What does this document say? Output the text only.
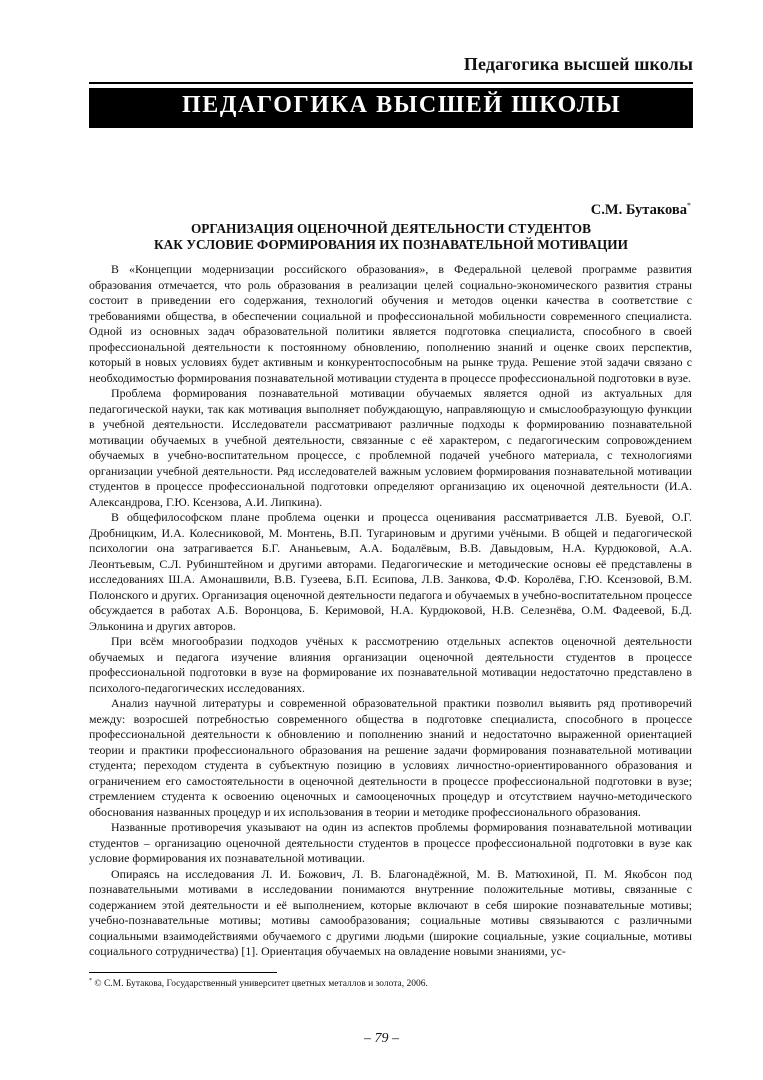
Педагогика высшей школы
ПЕДАГОГИКА ВЫСШЕЙ ШКОЛЫ
С.М. Бутакова*
ОРГАНИЗАЦИЯ ОЦЕНОЧНОЙ ДЕЯТЕЛЬНОСТИ СТУДЕНТОВ
КАК УСЛОВИЕ ФОРМИРОВАНИЯ ИХ ПОЗНАВАТЕЛЬНОЙ МОТИВАЦИИ

В «Концепции модернизации российского образования», в Федеральной целевой программе развития образования отмечается, что роль образования в реализации целей социально-экономического развития страны состоит в приведении его содержания, технологий обучения и методов оценки качества в соответствие с требованиями общества, в обеспечении социальной и профессиональной мобильности современного специалиста. Одной из основных задач образовательной политики является подготовка специалиста, способного в своей профессиональной деятельности к постоянному обновлению, пополнению знаний и оценке своих перспектив, который в новых условиях будет активным и конкурентоспособным на рынке труда. Решение этой задачи связано с необходимостью формирования познавательной мотивации студента в процессе профессиональной подготовки в вузе.

Проблема формирования познавательной мотивации обучаемых является одной из актуальных для педагогической науки, так как мотивация выполняет побуждающую, направляющую и смыслообразующую функции в учебной деятельности. Исследователи рассматривают различные подходы к формированию познавательной мотивации обучаемых в учебной деятельности, связанные с её характером, с педагогическим сопровождением обучаемых в учебно-воспитательном процессе, с проблемной подачей учебного материала, с технологиями организации учебной деятельности. Ряд исследователей важным условием формирования познавательной мотивации студентов в процессе профессиональной подготовки определяют организацию их оценочной деятельности (И.А. Александрова, Г.Ю. Ксензова, А.И. Липкина).

В общефилософском плане проблема оценки и процесса оценивания рассматривается Л.В. Буевой, О.Г. Дробницким, И.А. Колесниковой, М. Монтень, В.П. Тугариновым и другими учёными. В общей и педагогической психологии она затрагивается Б.Г. Ананьевым, А.А. Бодалёвым, В.В. Давыдовым, Н.А. Курдюковой, А.А. Леонтьевым, С.Л. Рубинштейном и другими авторами. Педагогические и методические основы её представлены в исследованиях Ш.А. Амонашвили, В.В. Гузеева, Б.П. Есипова, Л.В. Занкова, Ф.Ф. Королёва, Г.Ю. Ксензовой, В.М. Полонского и других. Организация оценочной деятельности педагога и обучаемых в учебно-воспитательном процессе обсуждается в работах А.Б. Воронцова, Б. Керимовой, Н.А. Курдюковой, Н.В. Селезнёва, О.М. Фадеевой, Б.Д. Эльконина и других авторов.

При всём многообразии подходов учёных к рассмотрению отдельных аспектов оценочной деятельности обучаемых и педагога изучение влияния организации оценочной деятельности студентов в процессе профессиональной подготовки в вузе на формирование их познавательной мотивации недостаточно представлено в психолого-педагогических исследованиях.

Анализ научной литературы и современной образовательной практики позволил выявить ряд противоречий между: возросшей потребностью современного общества в подготовке специалиста, способного в процессе профессиональной деятельности к обновлению и пополнению знаний и недостаточно выраженной ориентацией теории и практики профессионального образования на решение задачи формирования познавательной мотивации студента; переходом студента в субъектную позицию в условиях личностно-ориентированного образования и ограничением его самостоятельности в оценочной деятельности в процессе профессиональной подготовки в вузе; стремлением студента к освоению оценочных и самооценочных процедур и отсутствием научно-методического обоснования названных процедур и их использования в теории и методике профессионального образования.

Названные противоречия указывают на один из аспектов проблемы формирования познавательной мотивации студентов – организацию оценочной деятельности студентов в процессе профессиональной подготовки в вузе как условие формирования их познавательной мотивации.

Опираясь на исследования Л. И. Божович, Л. В. Благонадёжной, М. В. Матюхиной, П. М. Якобсон под познавательными мотивами в исследовании понимаются внутренние положительные мотивы, связанные с содержанием этой деятельности и её выполнением, которые включают в себя широкие познавательные мотивы; учебно-познавательные мотивы; мотивы самообразования; социальные мотивы связываются с различными социальными взаимодействиями обучаемого с другими людьми (широкие социальные, узкие социальные, мотивы социального сотрудничества) [1]. Ориентация обучаемых на овладение новыми знаниями, ус-

* © С.М. Бутакова, Государственный университет цветных металлов и золота, 2006.
– 79 –
